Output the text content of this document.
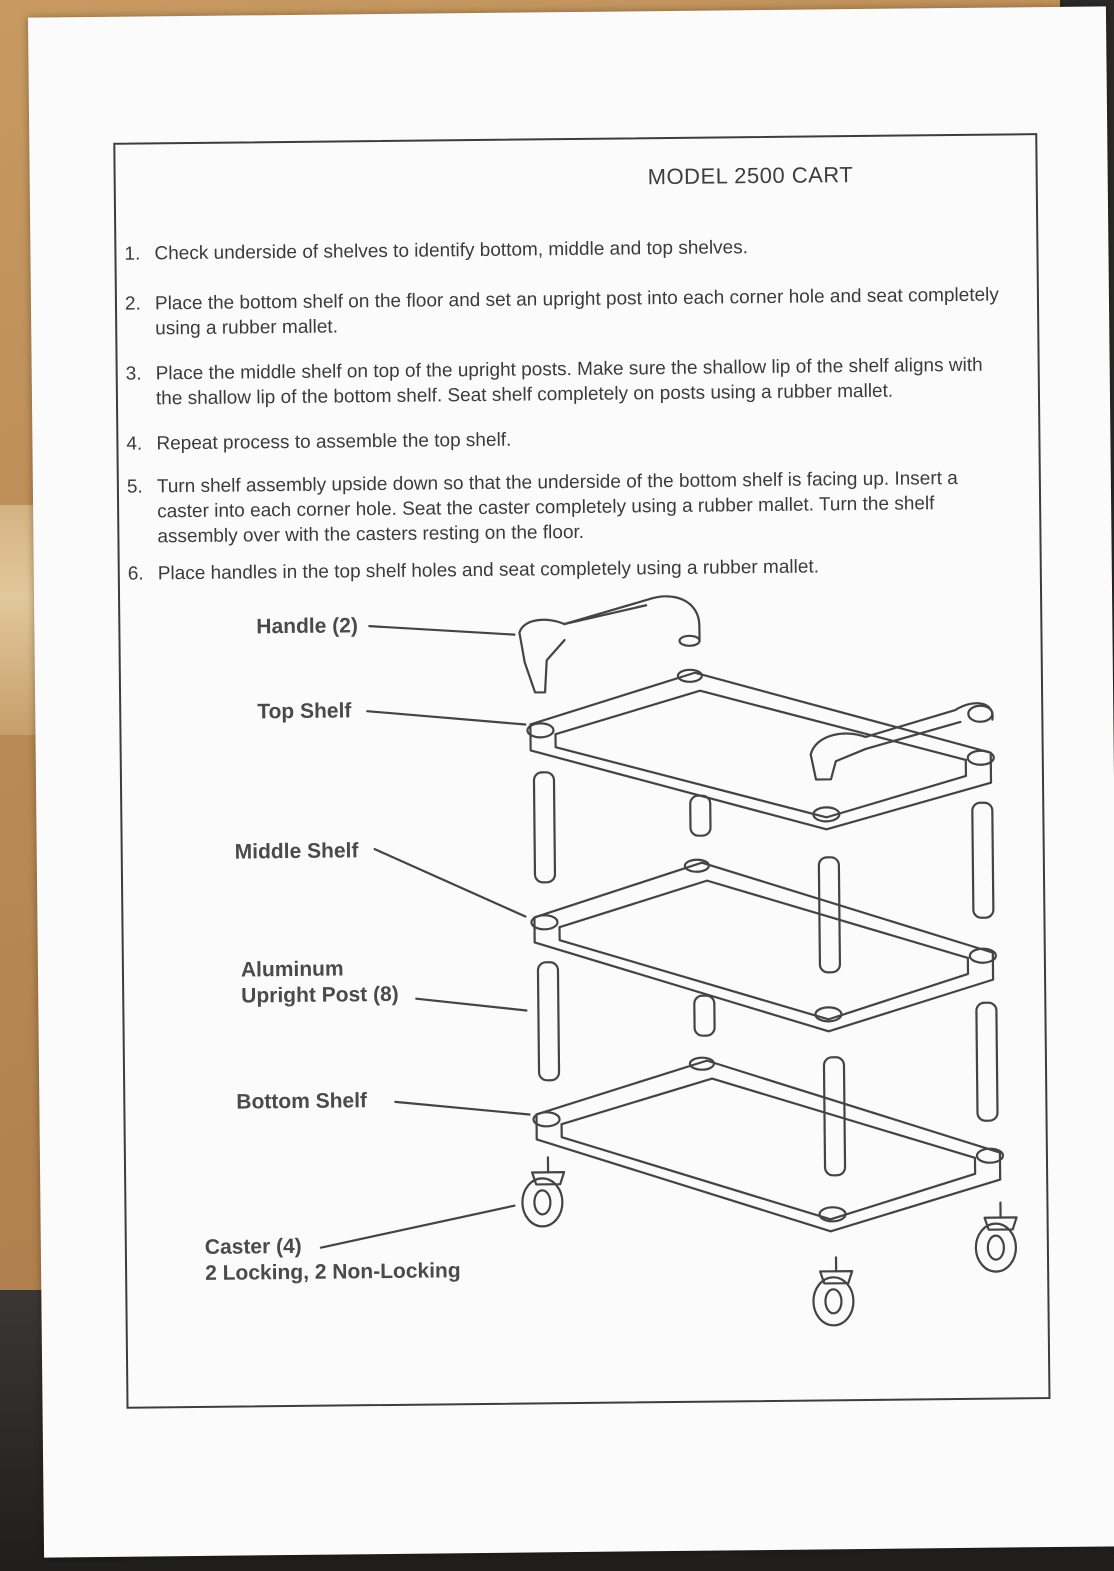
MODEL 2500 CART
1. Check underside of shelves to identify bottom, middle and top shelves.
2. Place the bottom shelf on the floor and set an upright post into each corner hole and seat completely using a rubber mallet.
3. Place the middle shelf on top of the upright posts. Make sure the shallow lip of the shelf aligns with the shallow lip of the bottom shelf. Seat shelf completely on posts using a rubber mallet.
4. Repeat process to assemble the top shelf.
5. Turn shelf assembly upside down so that the underside of the bottom shelf is facing up. Insert a caster into each corner hole. Seat the caster completely using a rubber mallet. Turn the shelf assembly over with the casters resting on the floor.
6. Place handles in the top shelf holes and seat completely using a rubber mallet.
Handle (2)
Top Shelf
Middle Shelf
Aluminum
Upright Post (8)
Bottom Shelf
Caster (4)
2 Locking, 2 Non-Locking
